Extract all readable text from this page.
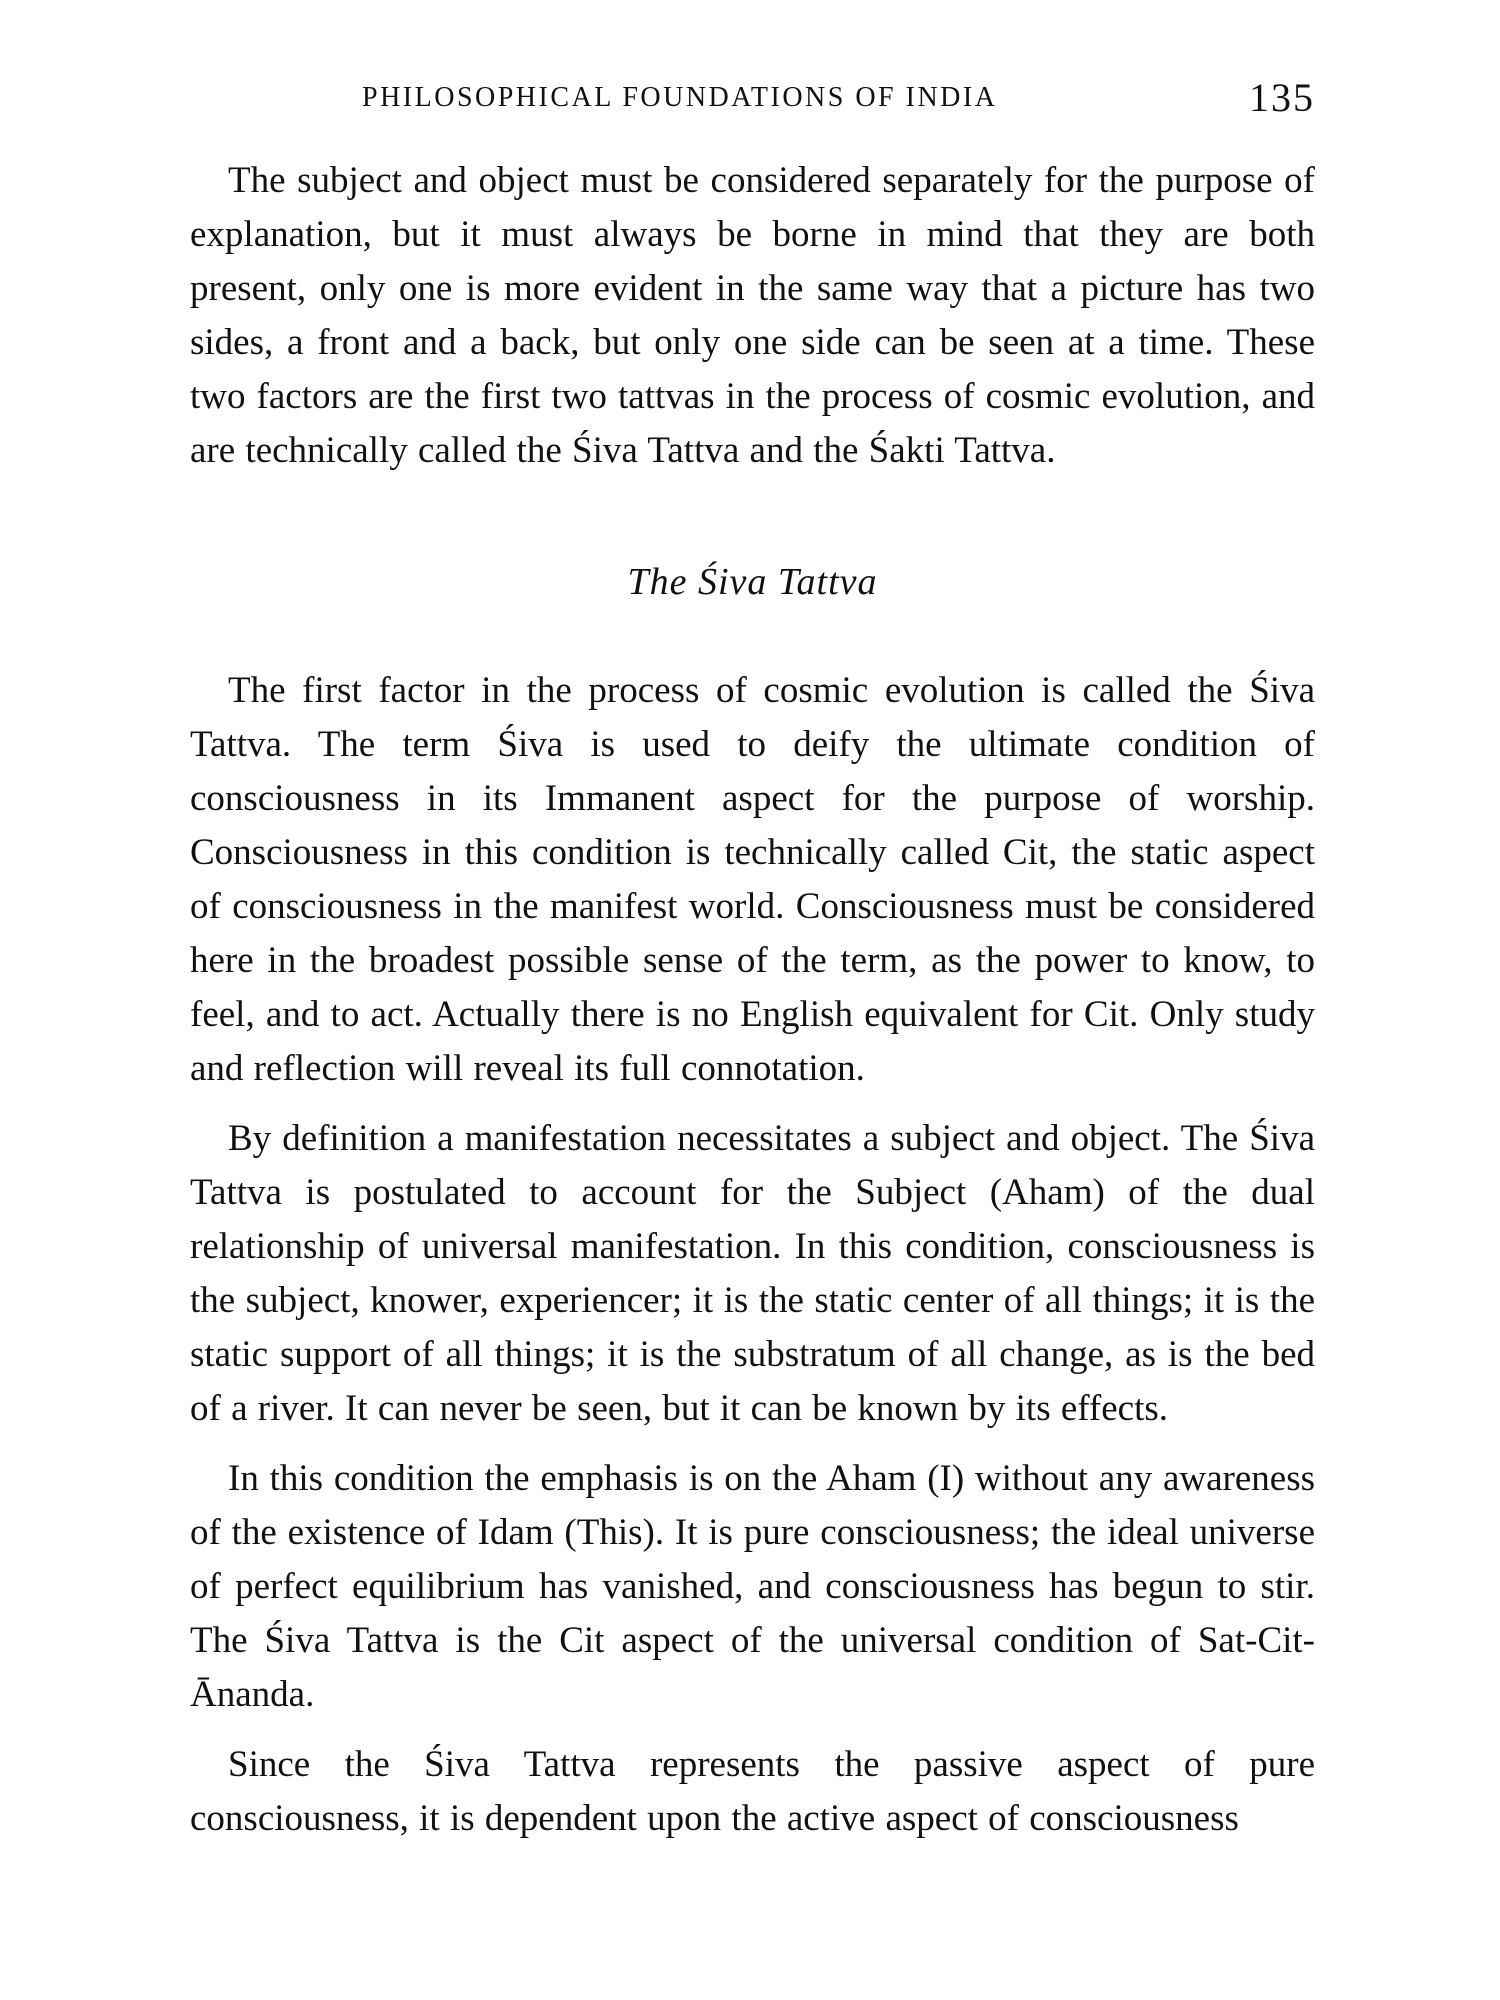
PHILOSOPHICAL FOUNDATIONS OF INDIA	135

The subject and object must be considered separately for the purpose of explanation, but it must always be borne in mind that they are both present, only one is more evident in the same way that a picture has two sides, a front and a back, but only one side can be seen at a time. These two factors are the first two tattvas in the process of cosmic evolution, and are technically called the Śiva Tattva and the Śakti Tattva.

The Śiva Tattva

The first factor in the process of cosmic evolution is called the Śiva Tattva. The term Śiva is used to deify the ultimate condition of consciousness in its Immanent aspect for the purpose of worship. Consciousness in this condition is technically called Cit, the static aspect of consciousness in the manifest world. Consciousness must be considered here in the broadest possible sense of the term, as the power to know, to feel, and to act. Actually there is no English equivalent for Cit. Only study and reflection will reveal its full connotation.

By definition a manifestation necessitates a subject and object. The Śiva Tattva is postulated to account for the Subject (Aham) of the dual relationship of universal manifestation. In this condition, consciousness is the subject, knower, experiencer; it is the static center of all things; it is the static support of all things; it is the substratum of all change, as is the bed of a river. It can never be seen, but it can be known by its effects.

In this condition the emphasis is on the Aham (I) without any awareness of the existence of Idam (This). It is pure consciousness; the ideal universe of perfect equilibrium has vanished, and consciousness has begun to stir. The Śiva Tattva is the Cit aspect of the universal condition of Sat-Cit-Ānanda.

Since the Śiva Tattva represents the passive aspect of pure consciousness, it is dependent upon the active aspect of consciousness
